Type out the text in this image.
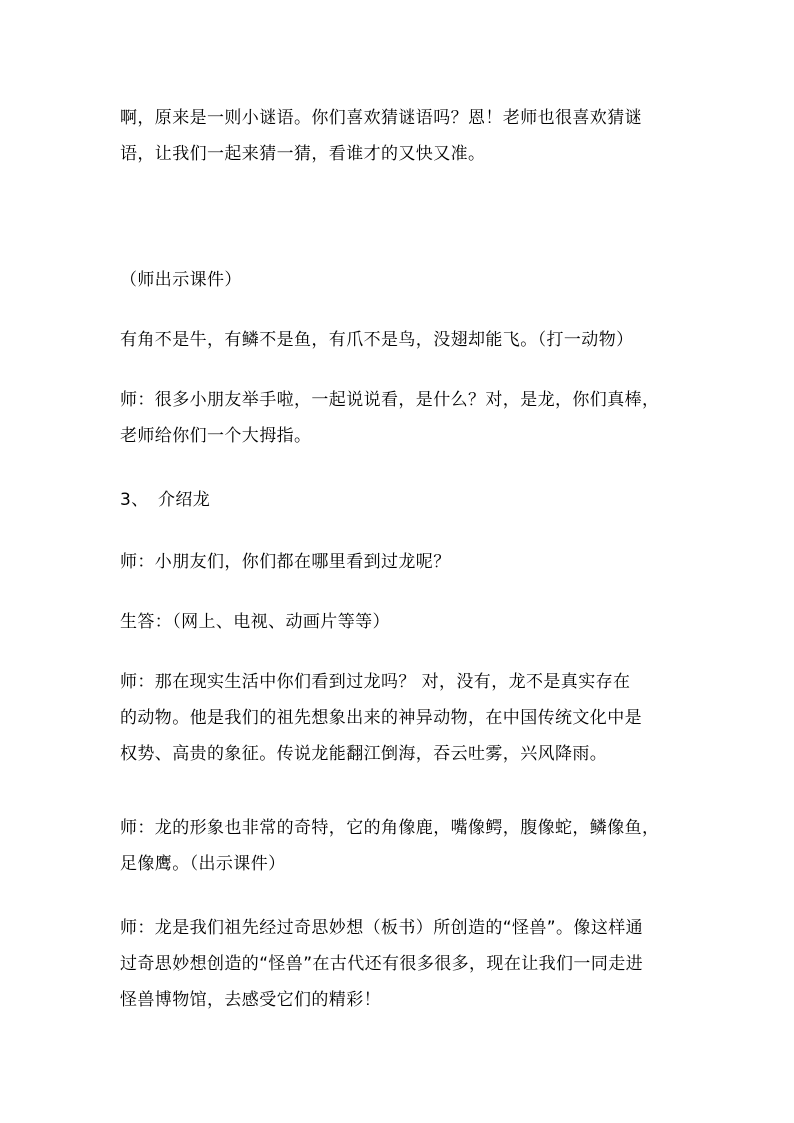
啊，原来是一则小谜语。你们喜欢猜谜语吗？恩！老师也很喜欢猜谜
语，让我们一起来猜一猜，看谁才的又快又准。

（师出示课件）

有角不是牛，有鳞不是鱼，有爪不是鸟，没翅却能飞。（打一动物）

师：很多小朋友举手啦，一起说说看，是什么？对，是龙，你们真棒，
老师给你们一个大拇指。

3、 介绍龙

师：小朋友们，你们都在哪里看到过龙呢？

生答：（网上、电视、动画片等等）

师：那在现实生活中你们看到过龙吗？ 对，没有，龙不是真实存在
的动物。他是我们的祖先想象出来的神异动物，在中国传统文化中是
权势、高贵的象征。传说龙能翻江倒海，吞云吐雾，兴风降雨。

师：龙的形象也非常的奇特，它的角像鹿，嘴像鳄，腹像蛇，鳞像鱼，
足像鹰。（出示课件）

师：龙是我们祖先经过奇思妙想（板书）所创造的“怪兽”。像这样通
过奇思妙想创造的“怪兽”在古代还有很多很多，现在让我们一同走进
怪兽博物馆，去感受它们的精彩！
